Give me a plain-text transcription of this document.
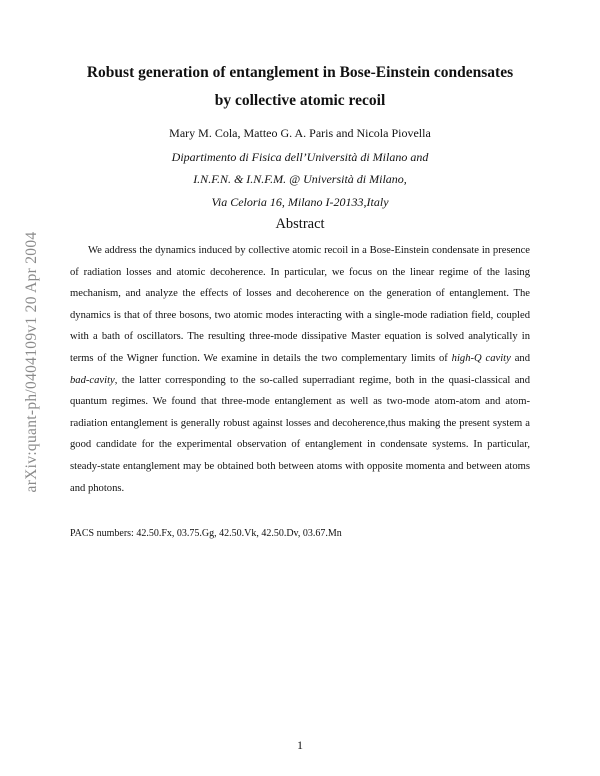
arXiv:quant-ph/0404109v1 20 Apr 2004
Robust generation of entanglement in Bose-Einstein condensates
by collective atomic recoil
Mary M. Cola, Matteo G. A. Paris and Nicola Piovella
Dipartimento di Fisica dell’Università di Milano and
I.N.F.N. & I.N.F.M. @ Università di Milano,
Via Celoria 16, Milano I-20133,Italy
Abstract

We address the dynamics induced by collective atomic recoil in a Bose-Einstein condensate in presence of radiation losses and atomic decoherence. In particular, we focus on the linear regime of the lasing mechanism, and analyze the effects of losses and decoherence on the generation of entanglement. The dynamics is that of three bosons, two atomic modes interacting with a single-mode radiation field, coupled with a bath of oscillators. The resulting three-mode dissipative Master equation is solved analytically in terms of the Wigner function. We examine in details the two complementary limits of high-Q cavity and bad-cavity, the latter corresponding to the so-called superradiant regime, both in the quasi-classical and quantum regimes. We found that three-mode entanglement as well as two-mode atom-atom and atom-radiation entanglement is generally robust against losses and decoherence,thus making the present system a good candidate for the experimental observation of entanglement in condensate systems. In particular, steady-state entanglement may be obtained both between atoms with opposite momenta and between atoms and photons.

PACS numbers: 42.50.Fx, 03.75.Gg, 42.50.Vk, 42.50.Dv, 03.67.Mn
1
